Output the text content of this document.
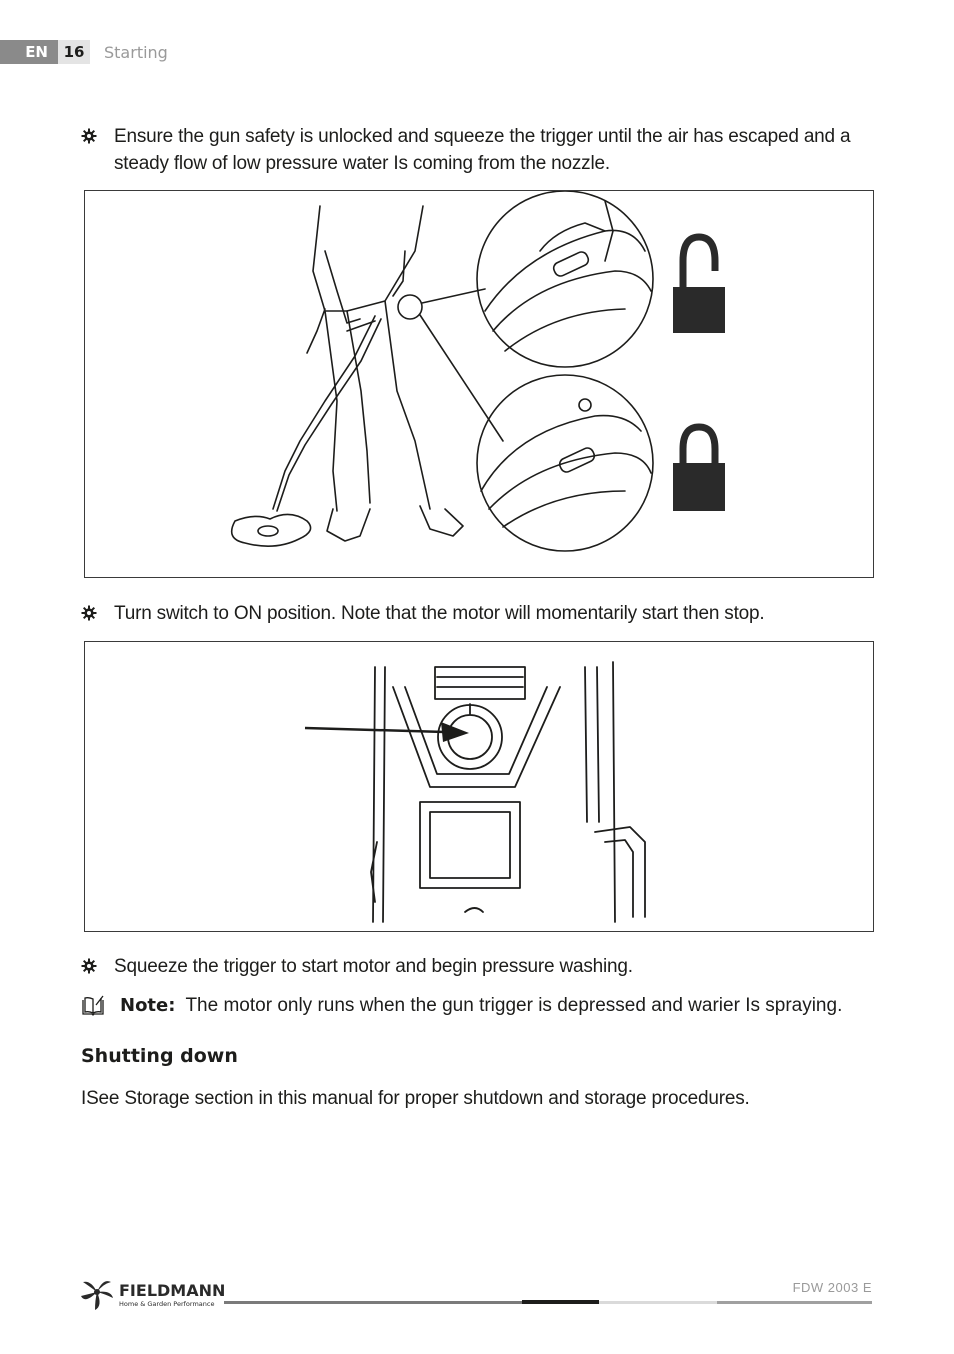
EN	16	Starting
Ensure the gun safety is unlocked and squeeze the trigger until the air has escaped and a steady flow of low pressure water Is coming from the nozzle.
Turn switch to ON position. Note that the motor will momentarily start then stop.
Squeeze the trigger to start motor and begin pressure washing.
Note: The motor only runs when the gun trigger is depressed and warier Is spraying.
Shutting down
ISee Storage section in this manual for proper shutdown and storage procedures.
FIELDMANN
Home & Garden Performance
FDW 2003 E
